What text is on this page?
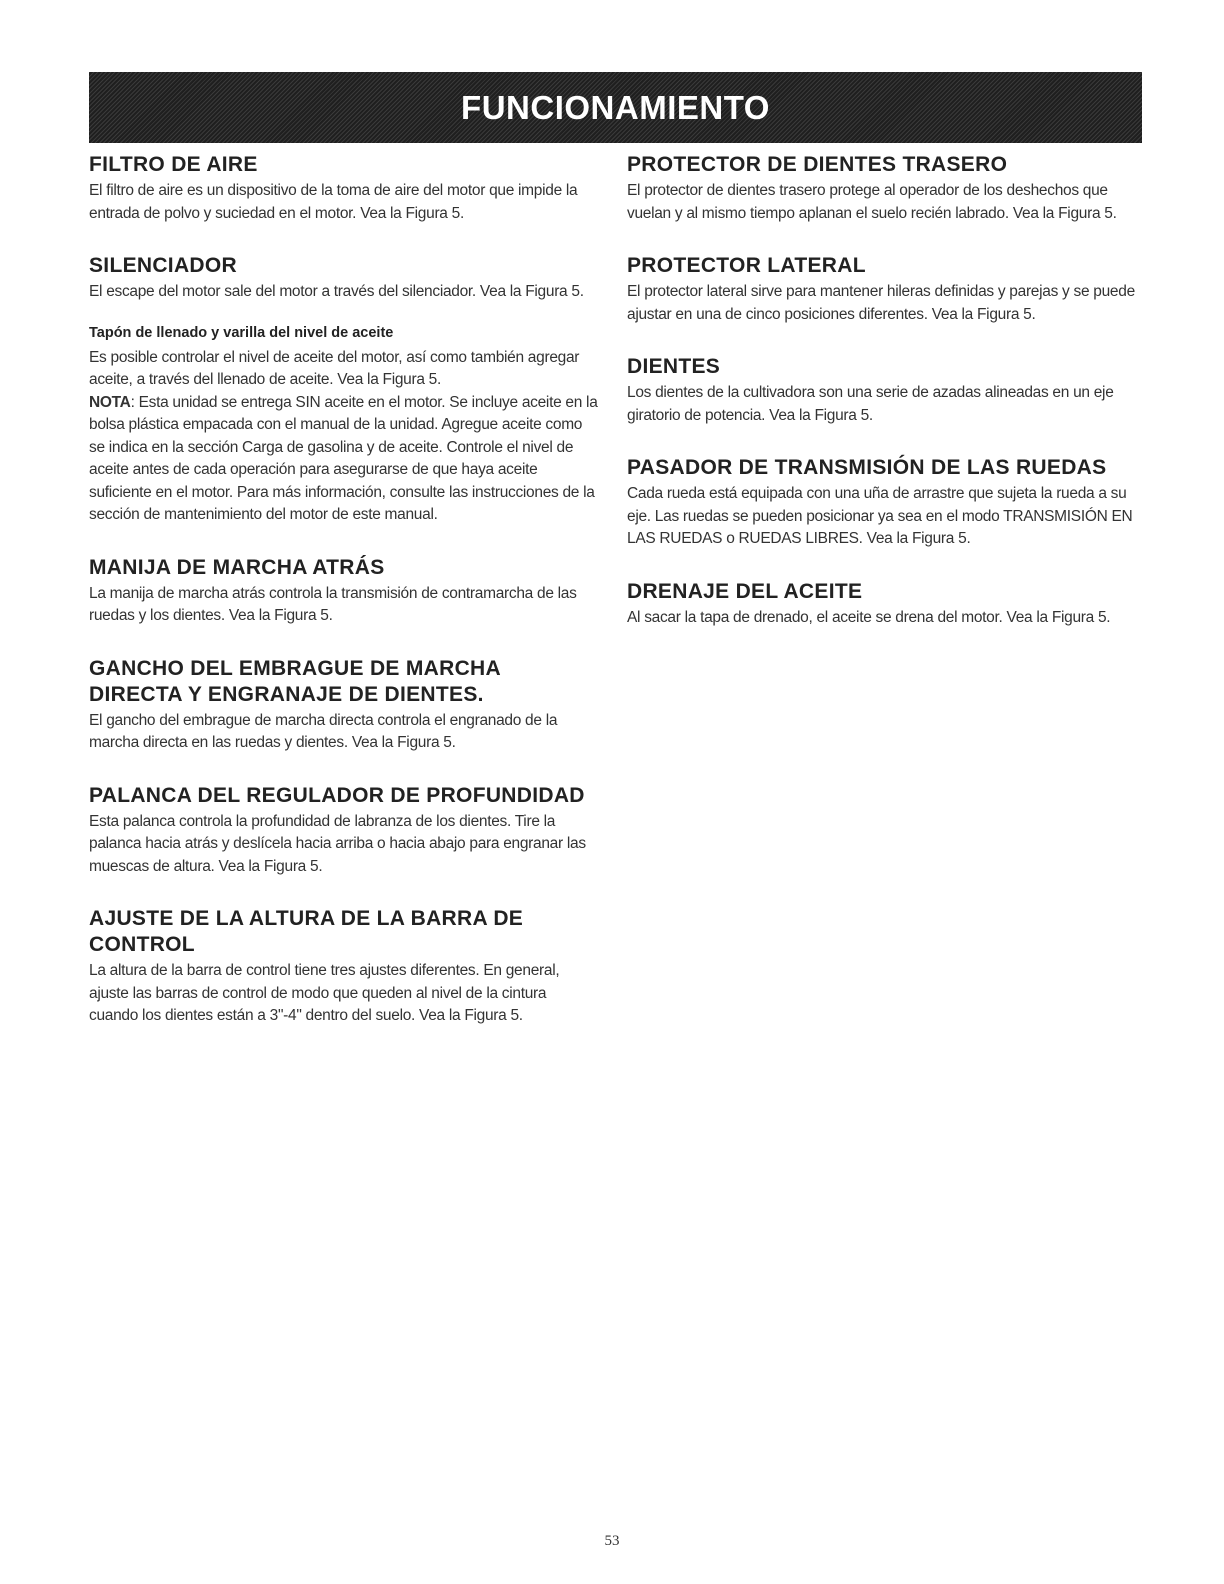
FUNCIONAMIENTO
FILTRO DE AIRE

El filtro de aire es un dispositivo de la toma de aire del motor que impide la entrada de polvo y suciedad en el motor. Vea la Figura 5.

SILENCIADOR

El escape del motor sale del motor a través del silenciador. Vea la Figura 5.

Tapón de llenado y varilla del nivel de aceite

Es posible controlar el nivel de aceite del motor, así como también agregar aceite, a través del llenado de aceite. Vea la Figura 5.

NOTA: Esta unidad se entrega SIN aceite en el motor. Se incluye aceite en la bolsa plástica empacada con el manual de la unidad. Agregue aceite como se indica en la sección Carga de gasolina y de aceite. Controle el nivel de aceite antes de cada operación para asegurarse de que haya aceite suficiente en el motor. Para más información, consulte las instrucciones de la sección de mantenimiento del motor de este manual.

MANIJA DE MARCHA ATRÁS

La manija de marcha atrás controla la transmisión de contramarcha de las ruedas y los dientes. Vea la Figura 5.

GANCHO DEL EMBRAGUE DE MARCHA DIRECTA Y ENGRANAJE DE DIENTES.

El gancho del embrague de marcha directa controla el engranado de la marcha directa en las ruedas y dientes. Vea la Figura 5.

PALANCA DEL REGULADOR DE PROFUNDIDAD

Esta palanca controla la profundidad de labranza de los dientes. Tire la palanca hacia atrás y deslícela hacia arriba o hacia abajo para engranar las muescas de altura. Vea la Figura 5.

AJUSTE DE LA ALTURA DE LA BARRA DE CONTROL

La altura de la barra de control tiene tres ajustes diferentes. En general, ajuste las barras de control de modo que queden al nivel de la cintura cuando los dientes están a 3"-4" dentro del suelo. Vea la Figura 5.

PROTECTOR DE DIENTES TRASERO

El protector de dientes trasero protege al operador de los deshechos que vuelan y al mismo tiempo aplanan el suelo recién labrado. Vea la Figura 5.

PROTECTOR LATERAL

El protector lateral sirve para mantener hileras definidas y parejas y se puede ajustar en una de cinco posiciones diferentes. Vea la Figura 5.

DIENTES

Los dientes de la cultivadora son una serie de azadas alineadas en un eje giratorio de potencia. Vea la Figura 5.

PASADOR DE TRANSMISIÓN DE LAS RUEDAS

Cada rueda está equipada con una uña de arrastre que sujeta la rueda a su eje. Las ruedas se pueden posicionar ya sea en el modo TRANSMISIÓN EN LAS RUEDAS o RUEDAS LIBRES. Vea la Figura 5.

DRENAJE DEL ACEITE

Al sacar la tapa de drenado, el aceite se drena del motor. Vea la Figura 5.

53
